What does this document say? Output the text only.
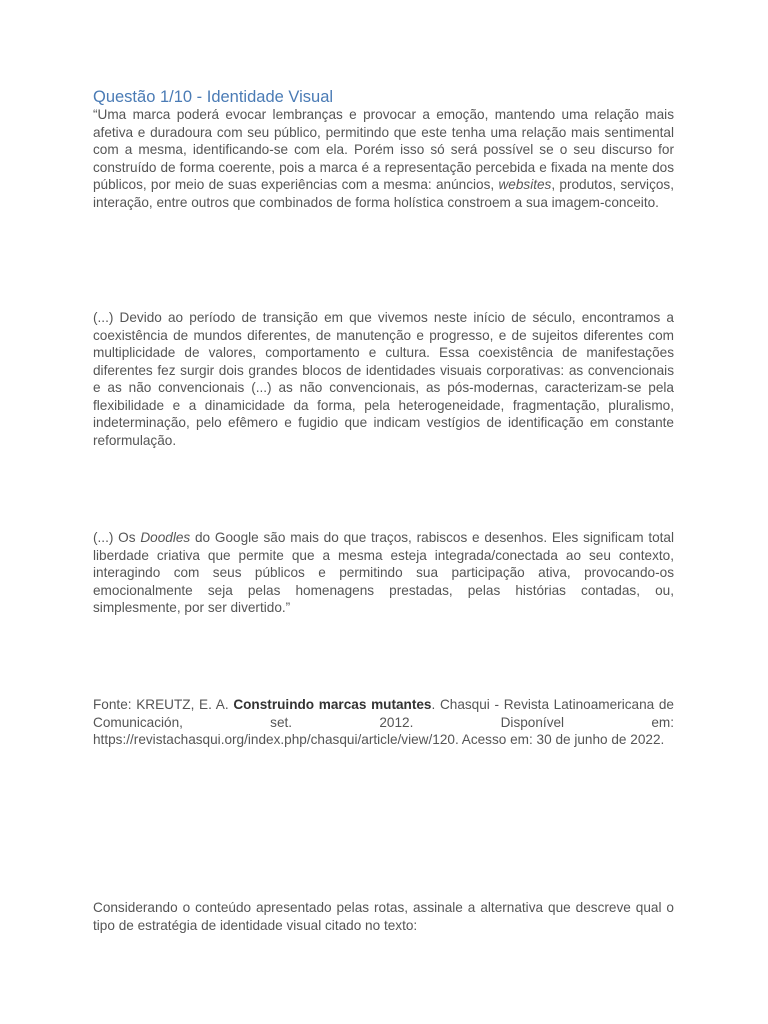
Questão 1/10 - Identidade Visual

“Uma marca poderá evocar lembranças e provocar a emoção, mantendo uma relação mais afetiva e duradoura com seu público, permitindo que este tenha uma relação mais sentimental com a mesma, identificando-se com ela. Porém isso só será possível se o seu discurso for construído de forma coerente, pois a marca é a representação percebida e fixada na mente dos públicos, por meio de suas experiências com a mesma: anúncios, websites, produtos, serviços, interação, entre outros que combinados de forma holística constroem a sua imagem-conceito.

(...) Devido ao período de transição em que vivemos neste início de século, encontramos a coexistência de mundos diferentes, de manutenção e progresso, e de sujeitos diferentes com multiplicidade de valores, comportamento e cultura. Essa coexistência de manifestações diferentes fez surgir dois grandes blocos de identidades visuais corporativas: as convencionais e as não convencionais (...) as não convencionais, as pós-modernas, caracterizam-se pela flexibilidade e a dinamicidade da forma, pela heterogeneidade, fragmentação, pluralismo, indeterminação, pelo efêmero e fugidio que indicam vestígios de identificação em constante reformulação.

(...) Os Doodles do Google são mais do que traços, rabiscos e desenhos. Eles significam total liberdade criativa que permite que a mesma esteja integrada/conectada ao seu contexto, interagindo com seus públicos e permitindo sua participação ativa, provocando-os emocionalmente seja pelas homenagens prestadas, pelas histórias contadas, ou, simplesmente, por ser divertido.”

Fonte: KREUTZ, E. A. Construindo marcas mutantes. Chasqui - Revista Latinoamericana de Comunicación, set. 2012. Disponível em: https://revistachasqui.org/index.php/chasqui/article/view/120. Acesso em: 30 de junho de 2022.

Considerando o conteúdo apresentado pelas rotas, assinale a alternativa que descreve qual o tipo de estratégia de identidade visual citado no texto:
